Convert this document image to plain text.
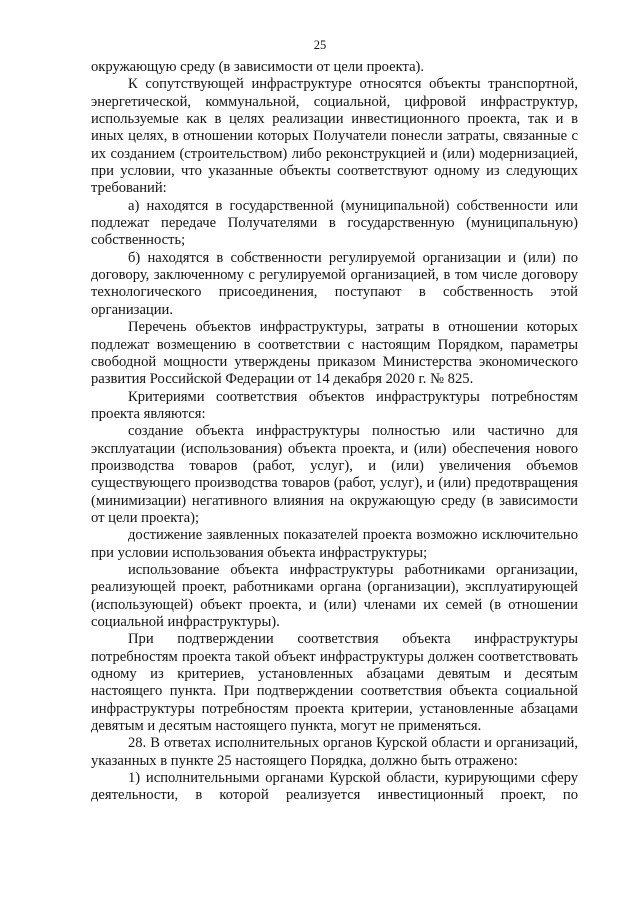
25

окружающую среду (в зависимости от цели проекта).

К сопутствующей инфраструктуре относятся объекты транспортной, энергетической, коммунальной, социальной, цифровой инфраструктур, используемые как в целях реализации инвестиционного проекта, так и в иных целях, в отношении которых Получатели понесли затраты, связанные с их созданием (строительством) либо реконструкцией и (или) модернизацией, при условии, что указанные объекты соответствуют одному из следующих требований:

а) находятся в государственной (муниципальной) собственности или подлежат передаче Получателями в государственную (муниципальную) собственность;

б) находятся в собственности регулируемой организации и (или) по договору, заключенному с регулируемой организацией, в том числе договору технологического присоединения, поступают в собственность этой организации.

Перечень объектов инфраструктуры, затраты в отношении которых подлежат возмещению в соответствии с настоящим Порядком, параметры свободной мощности утверждены приказом Министерства экономического развития Российской Федерации от 14 декабря 2020 г. № 825.

Критериями соответствия объектов инфраструктуры потребностям проекта являются:

создание объекта инфраструктуры полностью или частично для эксплуатации (использования) объекта проекта, и (или) обеспечения нового производства товаров (работ, услуг), и (или) увеличения объемов существующего производства товаров (работ, услуг), и (или) предотвращения (минимизации) негативного влияния на окружающую среду (в зависимости от цели проекта);

достижение заявленных показателей проекта возможно исключительно при условии использования объекта инфраструктуры;

использование объекта инфраструктуры работниками организации, реализующей проект, работниками органа (организации), эксплуатирующей (использующей) объект проекта, и (или) членами их семей (в отношении социальной инфраструктуры).

При подтверждении соответствия объекта инфраструктуры потребностям проекта такой объект инфраструктуры должен соответствовать одному из критериев, установленных абзацами девятым и десятым настоящего пункта. При подтверждении соответствия объекта социальной инфраструктуры потребностям проекта критерии, установленные абзацами девятым и десятым настоящего пункта, могут не применяться.

28. В ответах исполнительных органов Курской области и организаций, указанных в пункте 25 настоящего Порядка, должно быть отражено:

1) исполнительными органами Курской области, курирующими сферу деятельности, в которой реализуется инвестиционный проект, по
